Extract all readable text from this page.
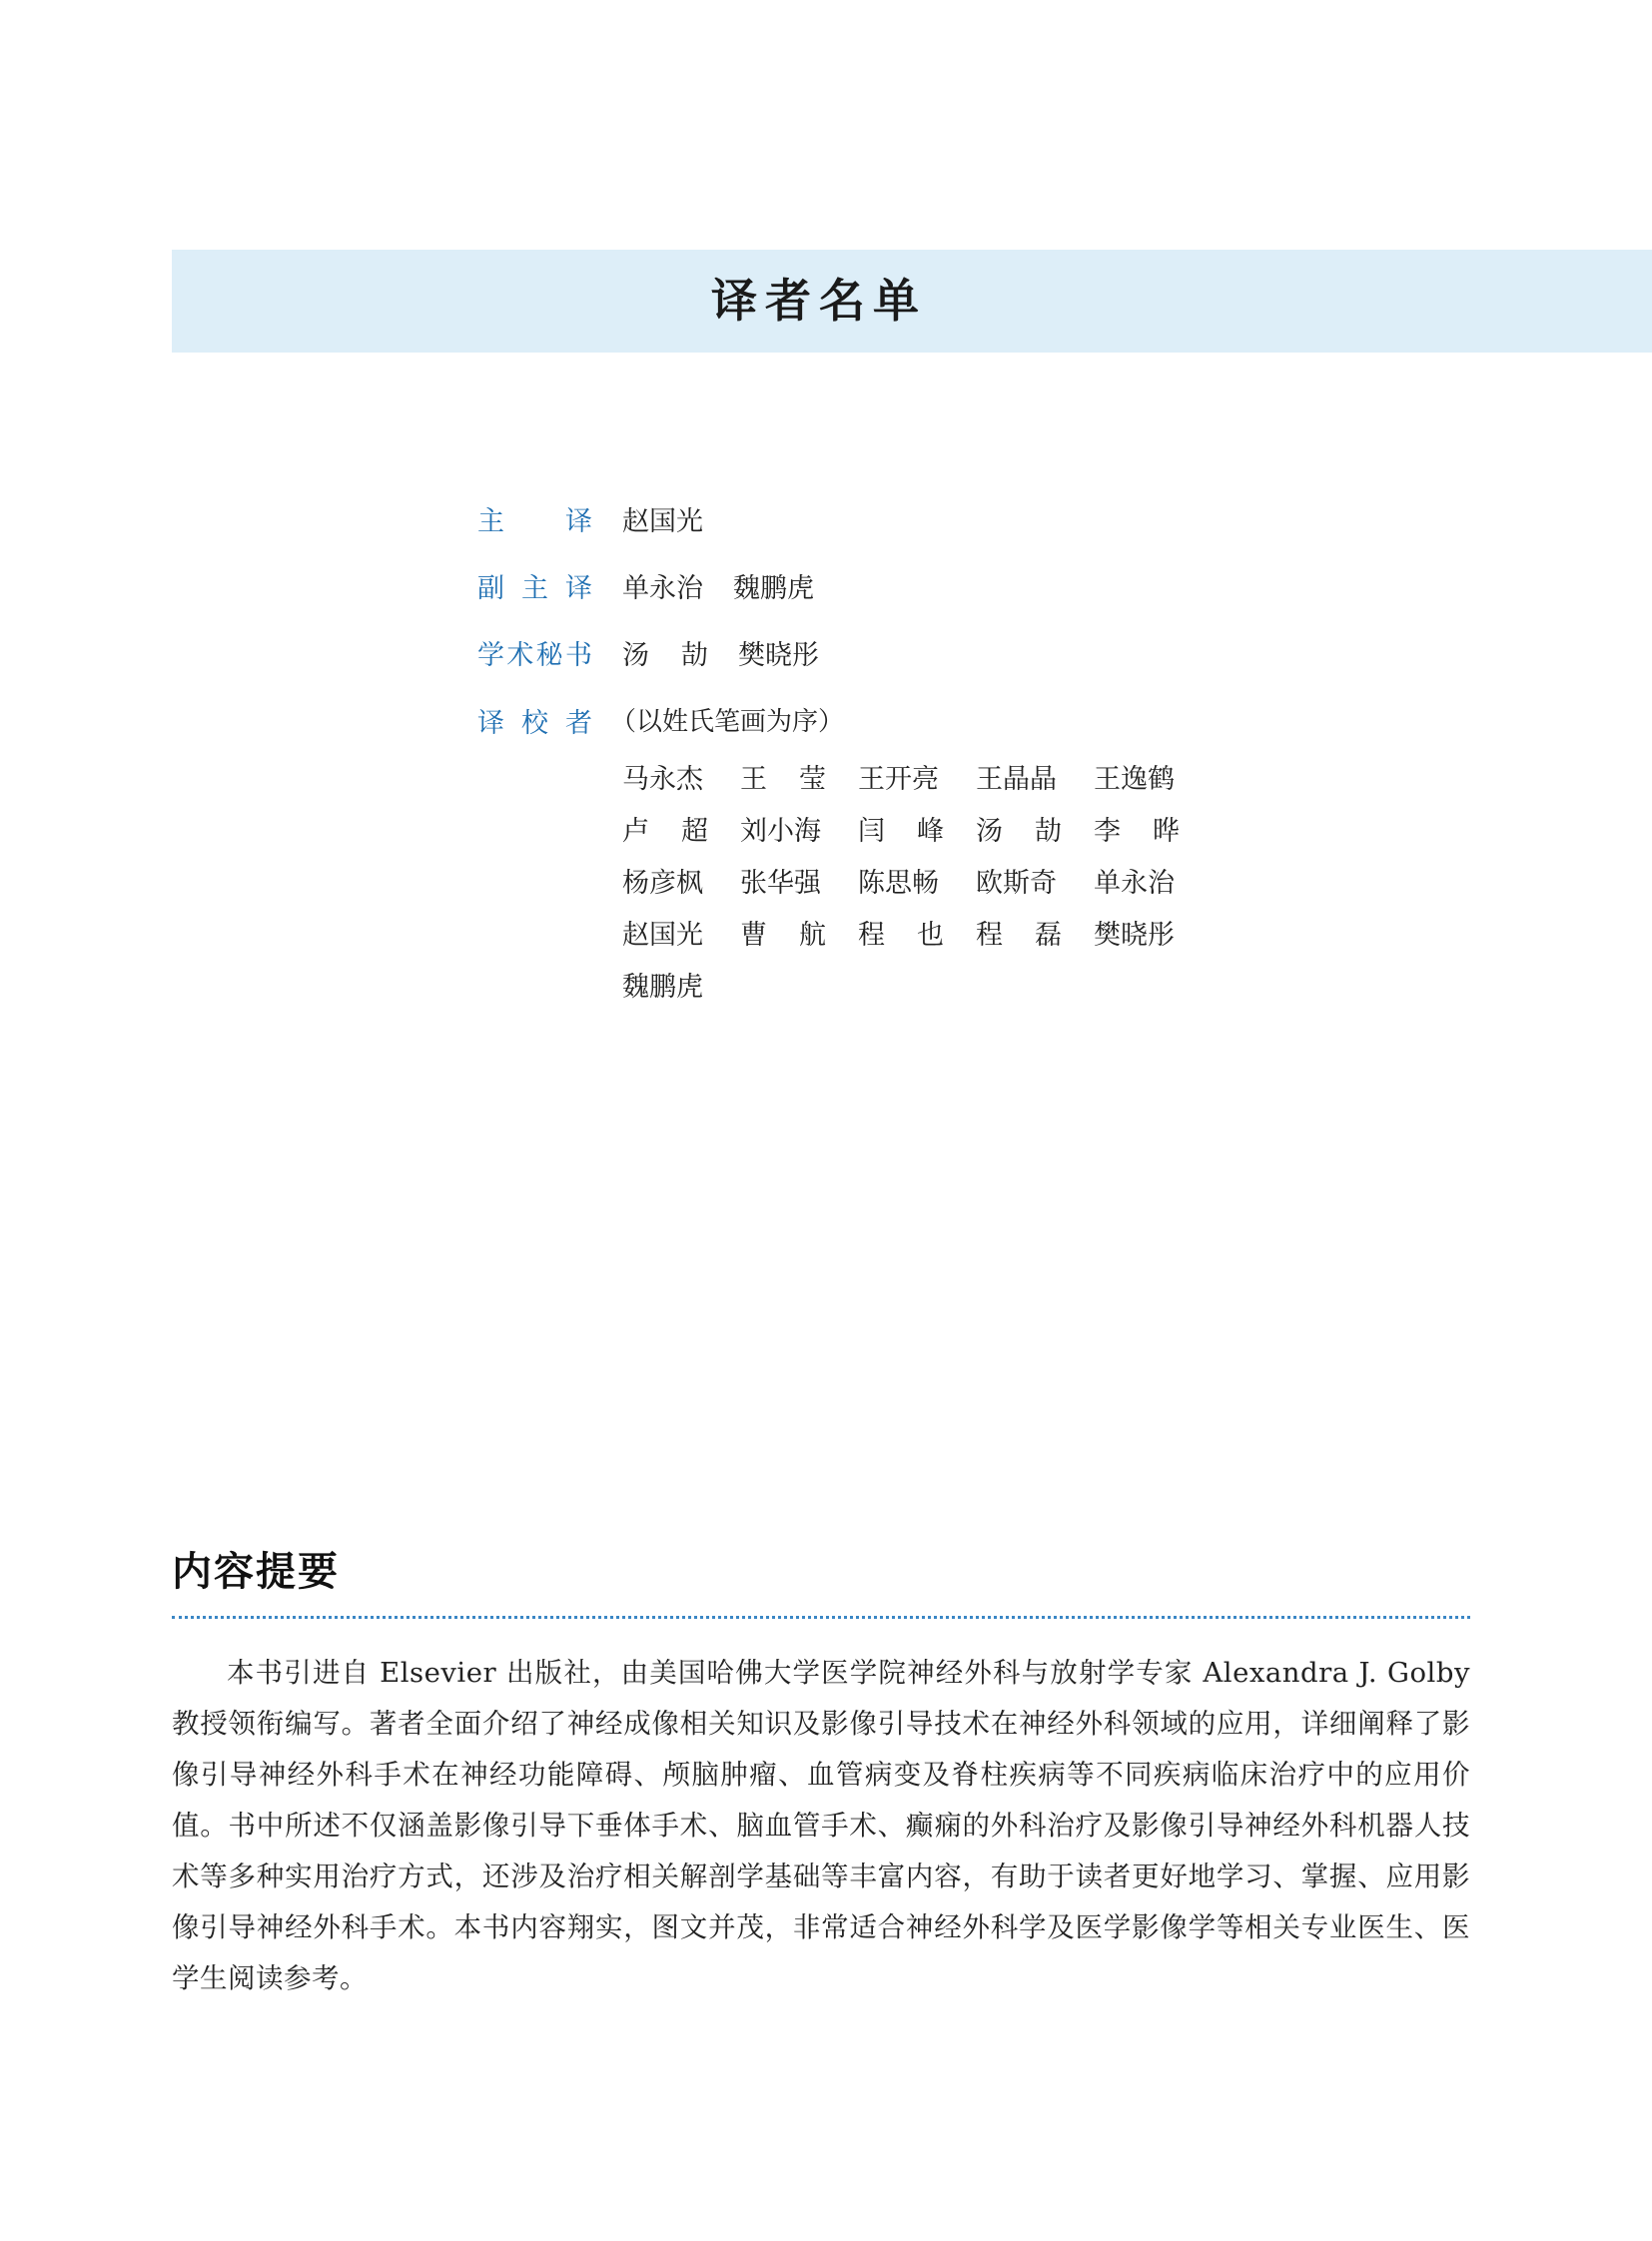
译者名单
主 译 赵国光
副 主 译 单永治 魏鹏虎
学 术 秘 书 汤 劼 樊晓彤
译 校 者 （以姓氏笔画为序）
马永杰 王 莹 王开亮 王晶晶 王逸鹤
卢 超 刘小海 闫 峰 汤 劼 李 晔
杨彦枫 张华强 陈思畅 欧斯奇 单永治
赵国光 曹 航 程 也 程 磊 樊晓彤
魏鹏虎
内容提要
本书引进自 Elsevier 出版社，由美国哈佛大学医学院神经外科与放射学专家 Alexandra J. Golby 教授领衔编写。著者全面介绍了神经成像相关知识及影像引导技术在神经外科领域的应用，详细阐释了影像引导神经外科手术在神经功能障碍、颅脑肿瘤、血管病变及脊柱疾病等不同疾病临床治疗中的应用价值。书中所述不仅涵盖影像引导下垂体手术、脑血管手术、癫痫的外科治疗及影像引导神经外科机器人技术等多种实用治疗方式，还涉及治疗相关解剖学基础等丰富内容，有助于读者更好地学习、掌握、应用影像引导神经外科手术。本书内容翔实，图文并茂，非常适合神经外科学及医学影像学等相关专业医生、医学生阅读参考。
